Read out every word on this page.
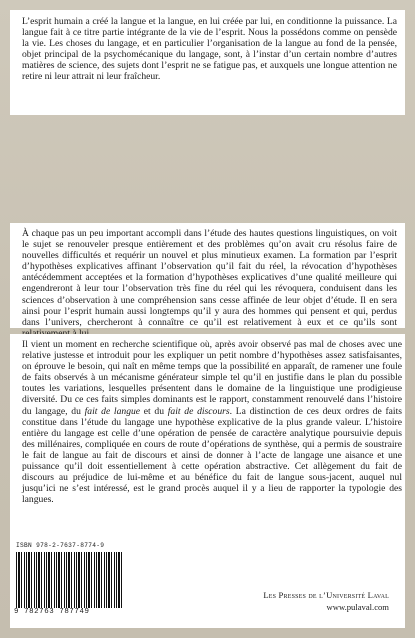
L’esprit humain a créé la langue et la langue, en lui créée par lui, en conditionne la puissance. La langue fait à ce titre partie intégrante de la vie de l’esprit. Nous la possédons comme on pensède la vie. Les choses du langage, et en particulier l’organisation de la langue au fond de la pensée, objet principal de la psychomécanique du langage, sont, à l’instar d’un certain nombre d’autres matières de science, des sujets dont l’esprit ne se fatigue pas, et auxquels une longue attention ne retire ni leur attrait ni leur fraîcheur.

À chaque pas un peu important accompli dans l’étude des hautes questions linguistiques, on voit le sujet se renouveler presque entièrement et des problèmes qu’on avait cru résolus faire de nouvelles difficultés et requérir un nouvel et plus minutieux examen. La formation par l’esprit d’hypothèses explicatives affinant l’observation qu’il fait du réel, la révocation d’hypothèses antécédemment acceptées et la formation d’hypothèses explicatives d’une qualité meilleure qui engendreront à leur tour l’observation très fine du réel qui les révoquera, conduisent dans les sciences d’observation à une compréhension sans cesse affinée de leur objet d’étude. Il en sera ainsi pour l’esprit humain aussi longtemps qu’il y aura des hommes qui pensent et qui, perdus dans l’univers, chercheront à connaître ce qu’il est relativement à eux et ce qu’ils sont

Il vient un moment en recherche scientifique où, après avoir observé pas mal de choses avec une relative justesse et introduit pour les expliquer un petit nombre d’hypothèses assez satisfaisantes, on éprouve le besoin, qui naît en même temps que la possibilité en apparaît, de ramener une foule de faits observés à un mécanisme générateur simple tel qu’il en justifie dans le plan du possible toutes les variations, lesquelles présentent dans le domaine de la linguistique une prodigieuse diversité. Du ce ces faits simples dominants est le rapport, constamment renouvelé dans l’histoire du langage, du fait de langue et du fait de discours. La distinction de ces deux ordres de faits constitue dans l’étude du langage une hypothèse explicative de la plus grande valeur. L’histoire entière du langage est celle d’une opération de pensée de caractère analytique poursuivie depuis des millénaires, compliquée en cours de route d’opérations de synthèse, qui a permis de soustraire le fait de langue au fait de discours et ainsi de donner à l’acte de langage une aisance et une puissance qu’il doit essentiellement à cette opération abstractive. Cet allègement du fait de discours au préjudice de lui-même et au bénéfice du fait de langue sous-jacent, auquel nul jusqu’ici ne s’est intéressé, est le grand procès auquel il y a lieu de rapporter la typologie des langues.

ISBN 978-2-7637-8774-9
9 782763 787749
Les Presses de l’Université Laval
www.pulaval.com
